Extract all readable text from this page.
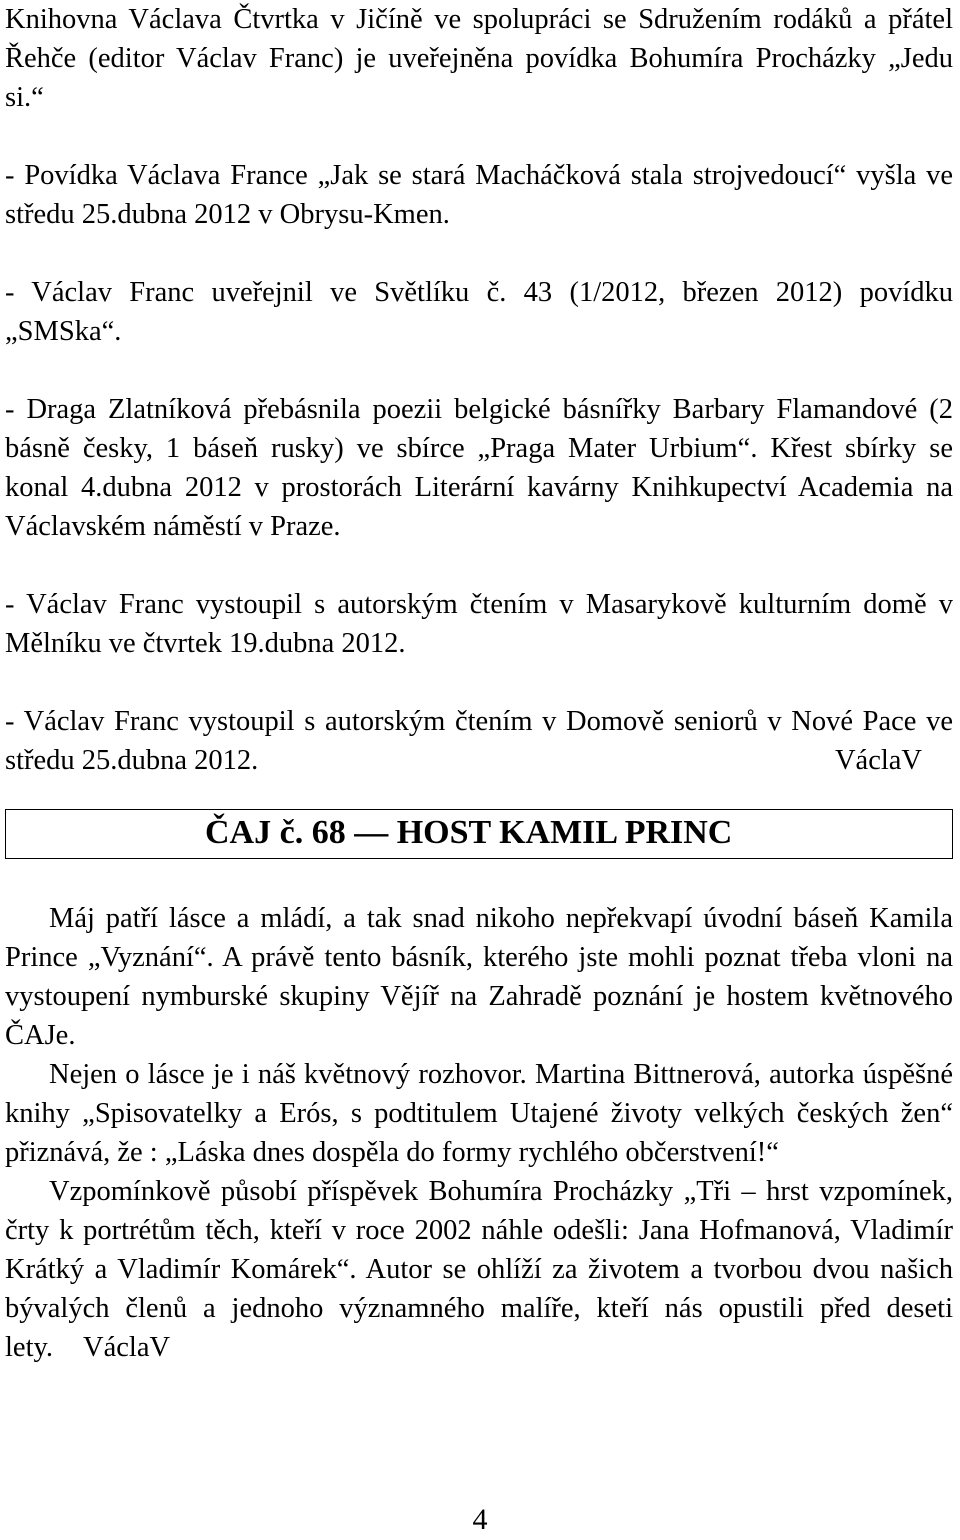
Knihovna Václava Čtvrtka v Jičíně ve spolupráci se Sdružením rodáků a přátel Řehče (editor Václav Franc) je uveřejněna povídka Bohumíra Procházky „Jedu si.“

- Povídka Václava France „Jak se stará Macháčková stala strojvedoucí“ vyšla ve středu 25.dubna 2012 v Obrysu-Kmen.

- Václav Franc uveřejnil ve Světlíku č. 43 (1/2012, březen 2012) povídku „SMSka“.

- Draga Zlatníková přebásnila poezii belgické básnířky Barbary Flamandové (2 básně česky, 1 báseň rusky) ve sbírce „Praga Mater Urbium“. Křest sbírky se konal 4.dubna 2012 v prostorách Literární kavárny Knihkupectví Academia na Václavském náměstí v Praze.

- Václav Franc vystoupil s autorským čtením v Masarykově kulturním domě v Mělníku ve čtvrtek 19.dubna 2012.

- Václav Franc vystoupil s autorským čtením v Domově seniorů v Nové Pace ve středu 25.dubna 2012.	VáclaV

ČAJ č. 68 — HOST KAMIL PRINC

Máj patří lásce a mládí, a tak snad nikoho nepřekvapí úvodní báseň Kamila Prince „Vyznání“. A právě tento básník, kterého jste mohli poznat třeba vloni na vystoupení nymburské skupiny Vějíř na Zahradě poznání je hostem květnového ČAJe.

Nejen o lásce je i náš květnový rozhovor. Martina Bittnerová, autorka úspěšné knihy „Spisovatelky a Erós, s podtitulem Utajené životy velkých českých žen“ přiznává, že : „Láska dnes dospěla do formy rychlého občerstvení!“

Vzpomínkově působí příspěvek Bohumíra Procházky „Tři – hrst vzpomínek, črty k portrétům těch, kteří v roce 2002 náhle odešli: Jana Hofmanová, Vladimír Krátký a Vladimír Komárek“. Autor se ohlíží za životem a tvorbou dvou našich bývalých členů a jednoho významného malíře, kteří nás opustili před deseti lety. VáclaV

4
